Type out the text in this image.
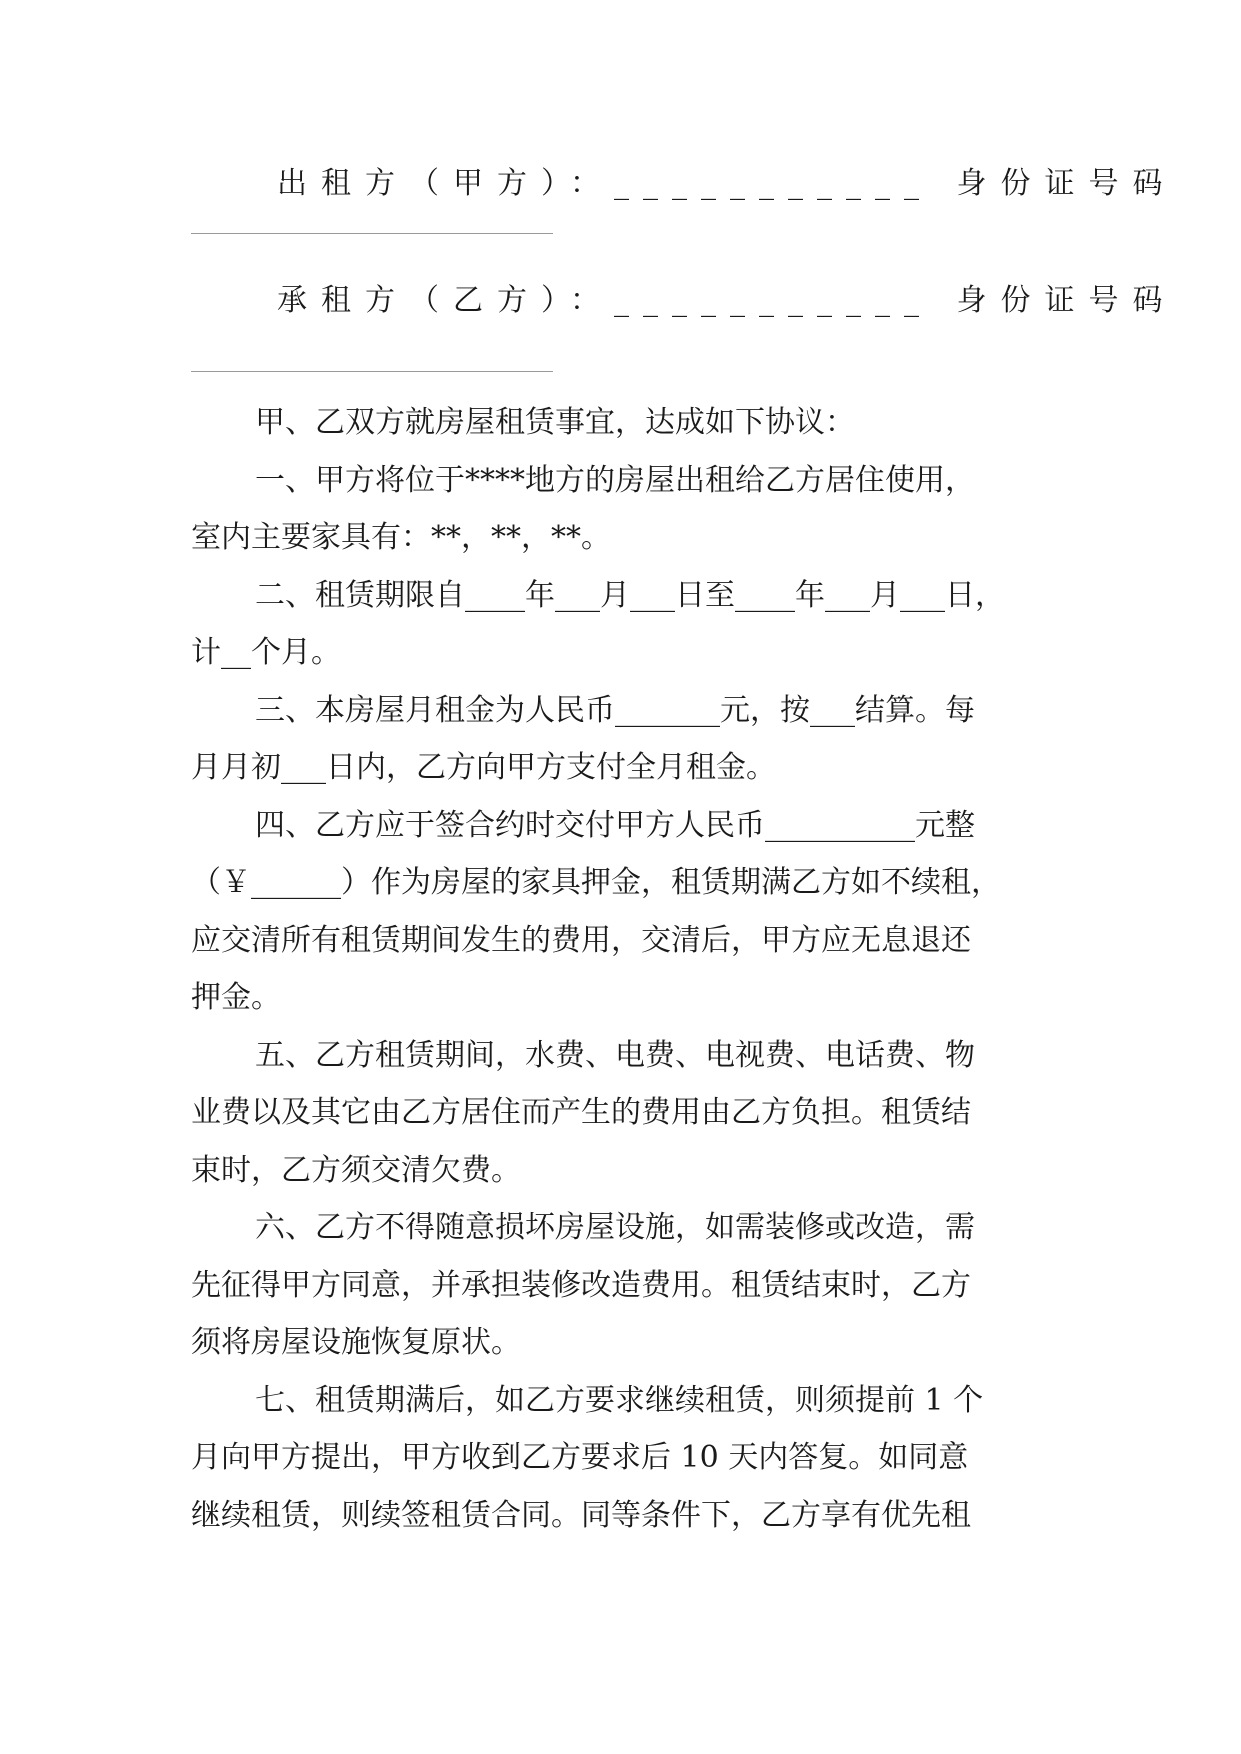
出租方（甲方）：___________ 身份证号码
承租方（乙方）：___________ 身份证号码
甲、乙双方就房屋租赁事宜，达成如下协议：
一、甲方将位于****地方的房屋出租给乙方居住使用，
室内主要家具有：**，**，**。
二、租赁期限自____年___月___日至____年___月___日，
计__个月。
三、本房屋月租金为人民币_______元，按___结算。每
月月初___日内，乙方向甲方支付全月租金。
四、乙方应于签合约时交付甲方人民币__________元整
（￥______）作为房屋的家具押金，租赁期满乙方如不续租，
应交清所有租赁期间发生的费用，交清后，甲方应无息退还
押金。
五、乙方租赁期间，水费、电费、电视费、电话费、物
业费以及其它由乙方居住而产生的费用由乙方负担。租赁结
束时，乙方须交清欠费。
六、乙方不得随意损坏房屋设施，如需装修或改造，需
先征得甲方同意，并承担装修改造费用。租赁结束时，乙方
须将房屋设施恢复原状。
七、租赁期满后，如乙方要求继续租赁，则须提前 1 个
月向甲方提出，甲方收到乙方要求后 10 天内答复。如同意
继续租赁，则续签租赁合同。同等条件下，乙方享有优先租
